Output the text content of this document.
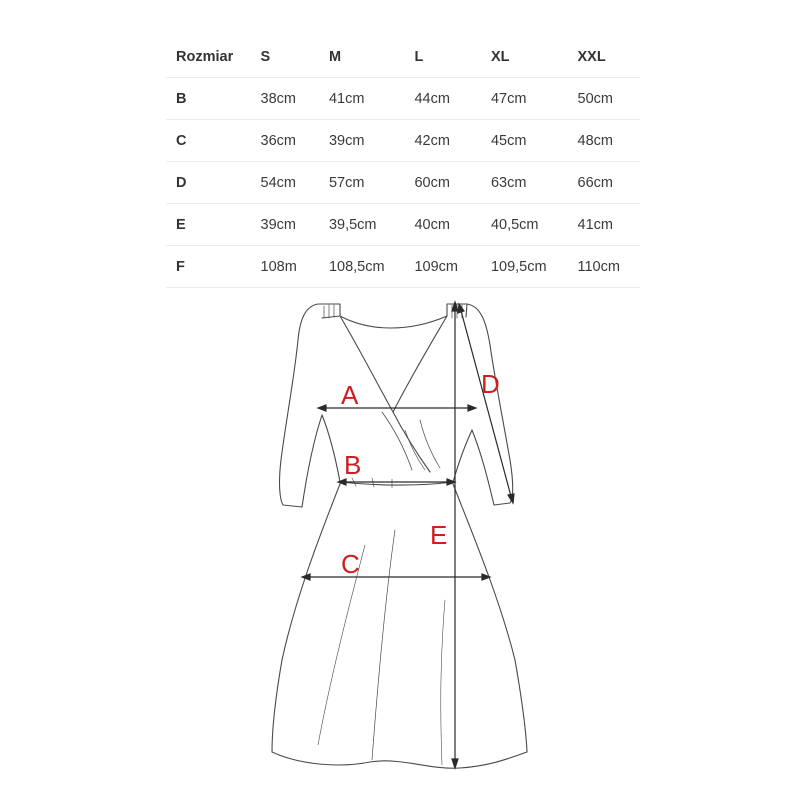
Rozmiar	S	M	L	XL	XXL
B	38cm	41cm	44cm	47cm	50cm
C	36cm	39cm	42cm	45cm	48cm
D	54cm	57cm	60cm	63cm	66cm
E	39cm	39,5cm	40cm	40,5cm	41cm
F	108m	108,5cm	109cm	109,5cm	110cm
A
B
C
D
E
